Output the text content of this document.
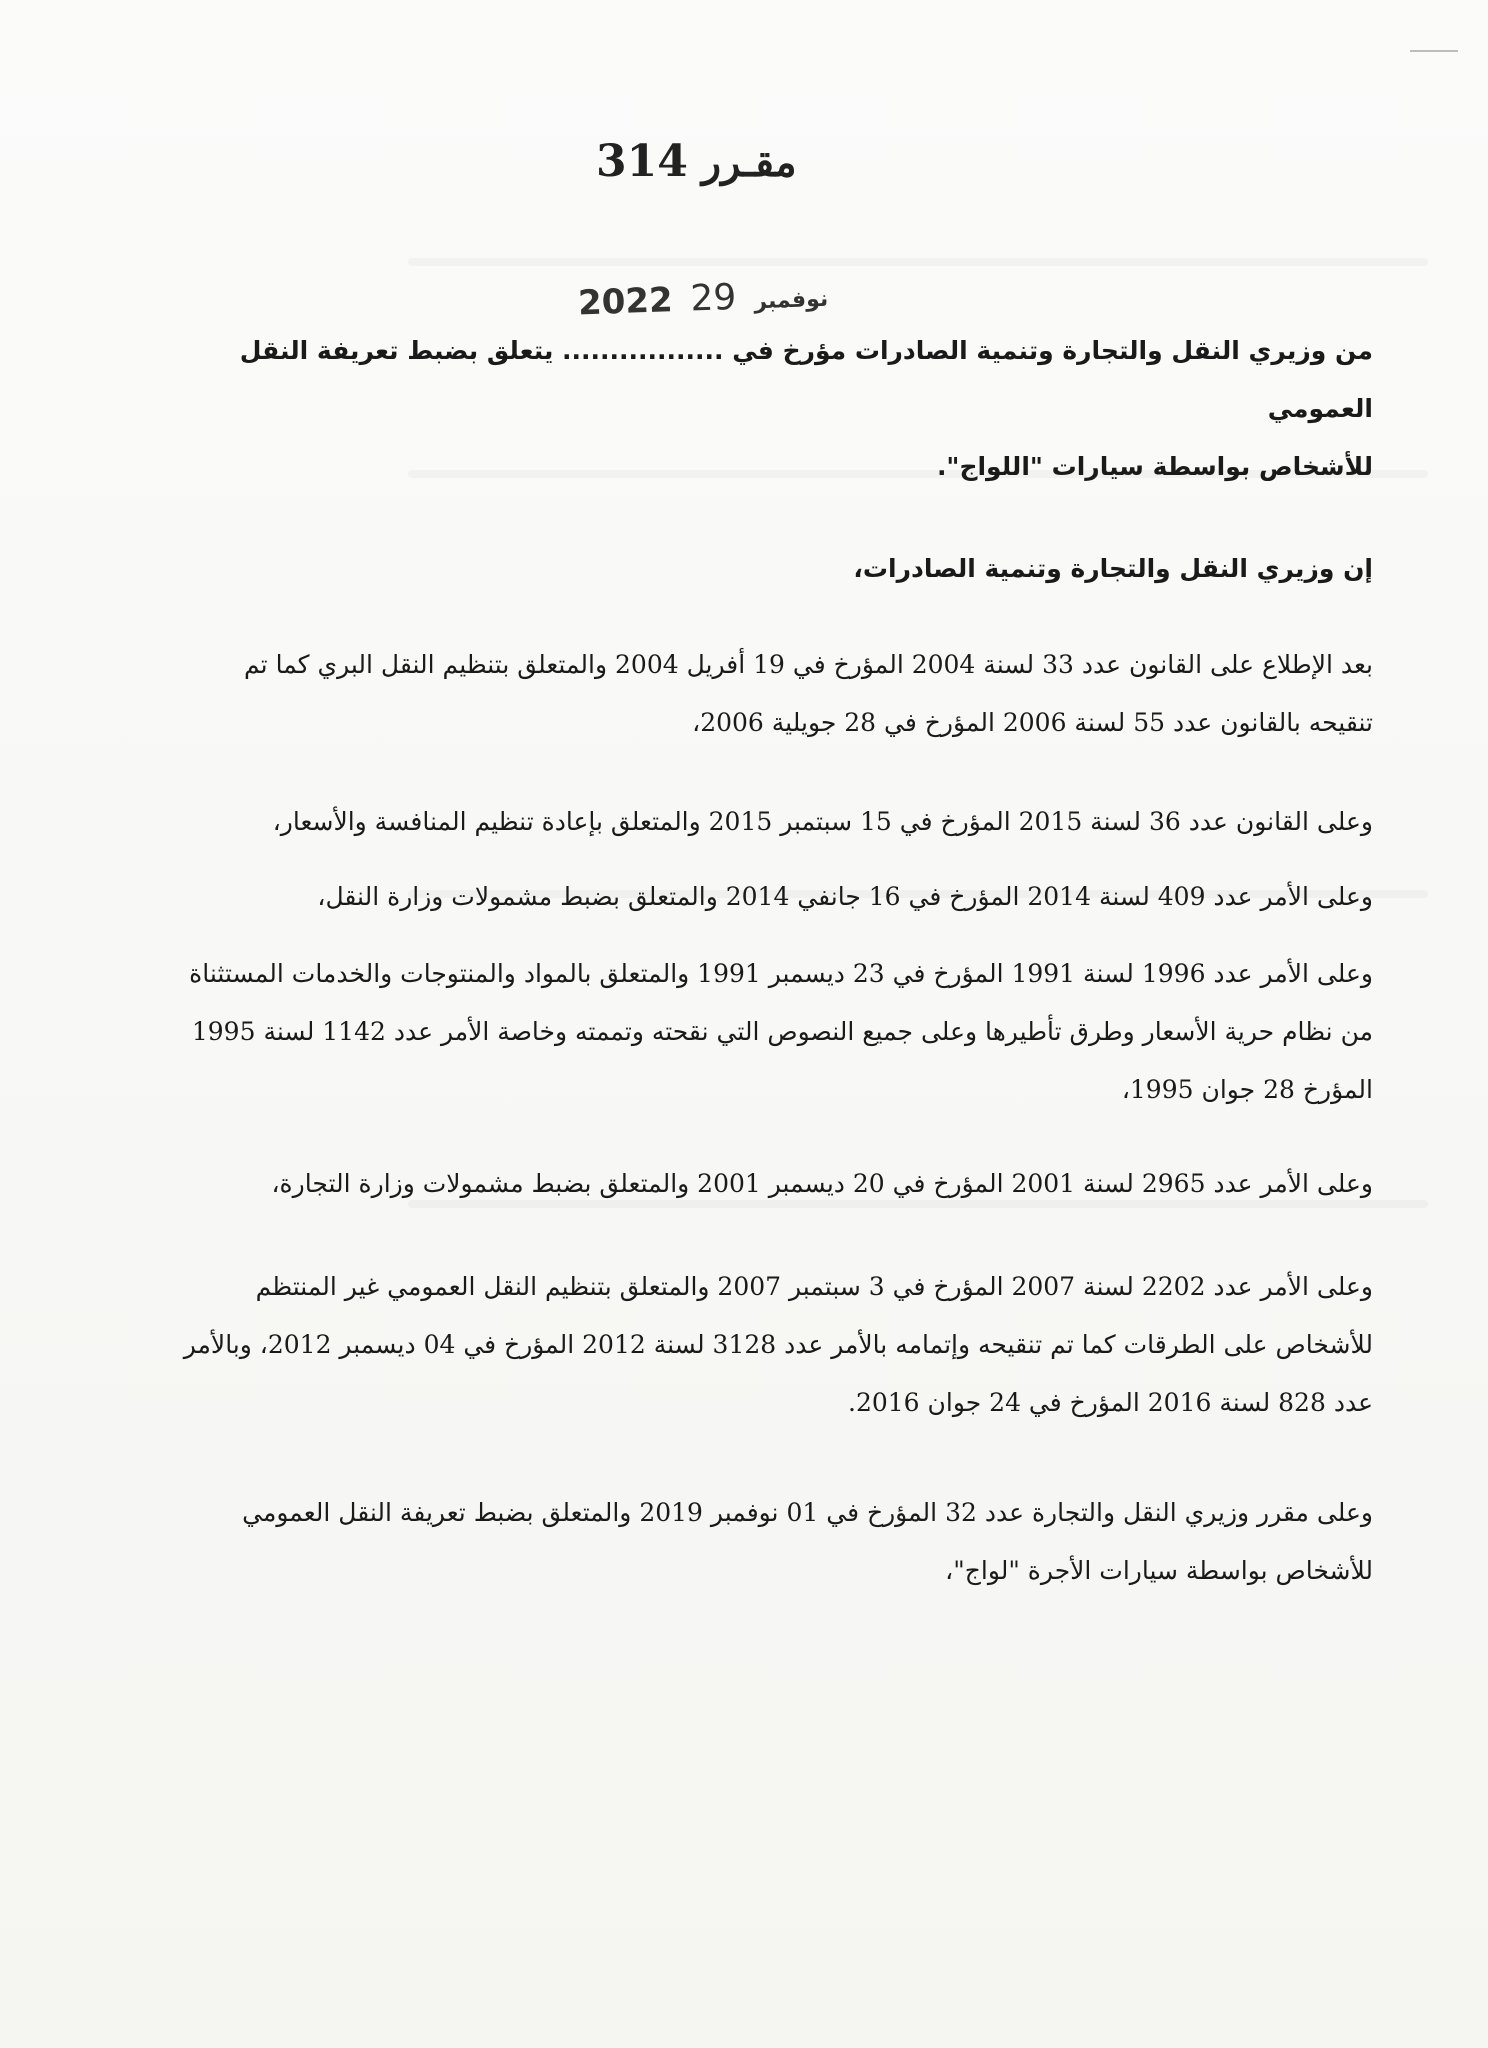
314 مقـرر
2022	نوفمبر 29

من وزيري النقل والتجارة وتنمية الصادرات مؤرخ في ................. يتعلق بضبط تعريفة النقل العمومي

للأشخاص بواسطة سيارات "اللواج".

إن وزيري النقل والتجارة وتنمية الصادرات،

بعد الإطلاع على القانون عدد 33 لسنة 2004 المؤرخ في 19 أفريل 2004 والمتعلق بتنظيم النقل البري كما تم تنقيحه بالقانون عدد 55 لسنة 2006 المؤرخ في 28 جويلية 2006،

وعلى القانون عدد 36 لسنة 2015 المؤرخ في 15 سبتمبر 2015 والمتعلق بإعادة تنظيم المنافسة والأسعار،

وعلى الأمر عدد 409 لسنة 2014 المؤرخ في 16 جانفي 2014 والمتعلق بضبط مشمولات وزارة النقل،

وعلى الأمر عدد 1996 لسنة 1991 المؤرخ في 23 ديسمبر 1991 والمتعلق بالمواد والمنتوجات والخدمات المستثناة من نظام حرية الأسعار وطرق تأطيرها وعلى جميع النصوص التي نقحته وتممته وخاصة الأمر عدد 1142 لسنة 1995 المؤرخ 28 جوان 1995،

وعلى الأمر عدد 2965 لسنة 2001 المؤرخ في 20 ديسمبر 2001 والمتعلق بضبط مشمولات وزارة التجارة،

وعلى الأمر عدد 2202 لسنة 2007 المؤرخ في 3 سبتمبر 2007 والمتعلق بتنظيم النقل العمومي غير المنتظم للأشخاص على الطرقات كما تم تنقيحه وإتمامه بالأمر عدد 3128 لسنة 2012 المؤرخ في 04 ديسمبر 2012، وبالأمر عدد 828 لسنة 2016 المؤرخ في 24 جوان 2016.

وعلى مقرر وزيري النقل والتجارة عدد 32 المؤرخ في 01 نوفمبر 2019 والمتعلق بضبط تعريفة النقل العمومي للأشخاص بواسطة سيارات الأجرة "لواج"،
